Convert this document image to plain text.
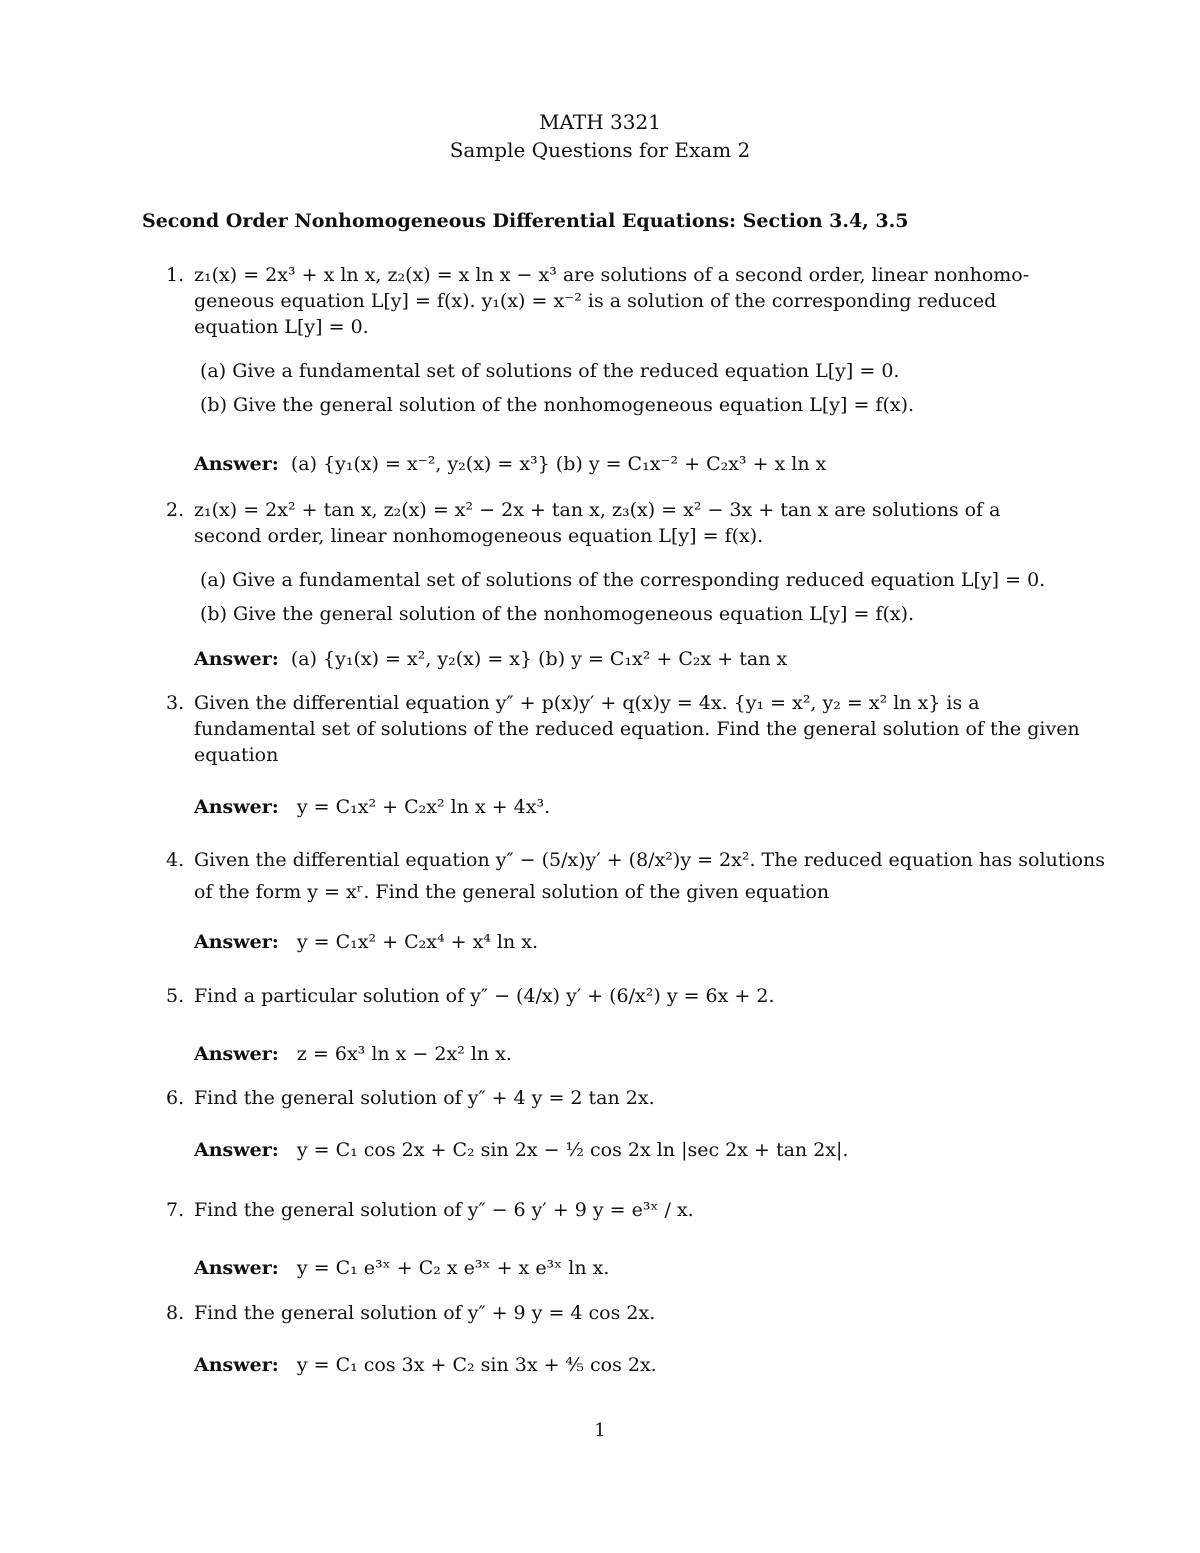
MATH 3321
Sample Questions for Exam 2
Second Order Nonhomogeneous Differential Equations: Section 3.4, 3.5
1. z₁(x) = 2x³ + x ln x, z₂(x) = x ln x − x³ are solutions of a second order, linear nonhomo-
geneous equation L[y] = f(x). y₁(x) = x⁻² is a solution of the corresponding reduced
equation L[y] = 0.
(a) Give a fundamental set of solutions of the reduced equation L[y] = 0.
(b) Give the general solution of the nonhomogeneous equation L[y] = f(x).
Answer: (a) {y₁(x) = x⁻², y₂(x) = x³} (b) y = C₁x⁻² + C₂x³ + x ln x
2. z₁(x) = 2x² + tan x, z₂(x) = x² − 2x + tan x, z₃(x) = x² − 3x + tan x are solutions of a
second order, linear nonhomogeneous equation L[y] = f(x).
(a) Give a fundamental set of solutions of the corresponding reduced equation L[y] = 0.
(b) Give the general solution of the nonhomogeneous equation L[y] = f(x).
Answer: (a) {y₁(x) = x², y₂(x) = x} (b) y = C₁x² + C₂x + tan x
3. Given the differential equation y″ + p(x)y′ + q(x)y = 4x. {y₁ = x², y₂ = x² ln x} is a
fundamental set of solutions of the reduced equation. Find the general solution of the given
equation
Answer: y = C₁x² + C₂x² ln x + 4x³.
4. Given the differential equation y″ − (5/x)y′ + (8/x²)y = 2x². The reduced equation has solutions
of the form y = xʳ. Find the general solution of the given equation
Answer: y = C₁x² + C₂x⁴ + x⁴ ln x.
5. Find a particular solution of y″ − (4/x) y′ + (6/x²) y = 6x + 2.
Answer: z = 6x³ ln x − 2x² ln x.
6. Find the general solution of y″ + 4 y = 2 tan 2x.
Answer: y = C₁ cos 2x + C₂ sin 2x − ½ cos 2x ln |sec 2x + tan 2x|.
7. Find the general solution of y″ − 6 y′ + 9 y = e³ˣ / x.
Answer: y = C₁ e³ˣ + C₂ x e³ˣ + x e³ˣ ln x.
8. Find the general solution of y″ + 9 y = 4 cos 2x.
Answer: y = C₁ cos 3x + C₂ sin 3x + ⁴⁄₅ cos 2x.
1
